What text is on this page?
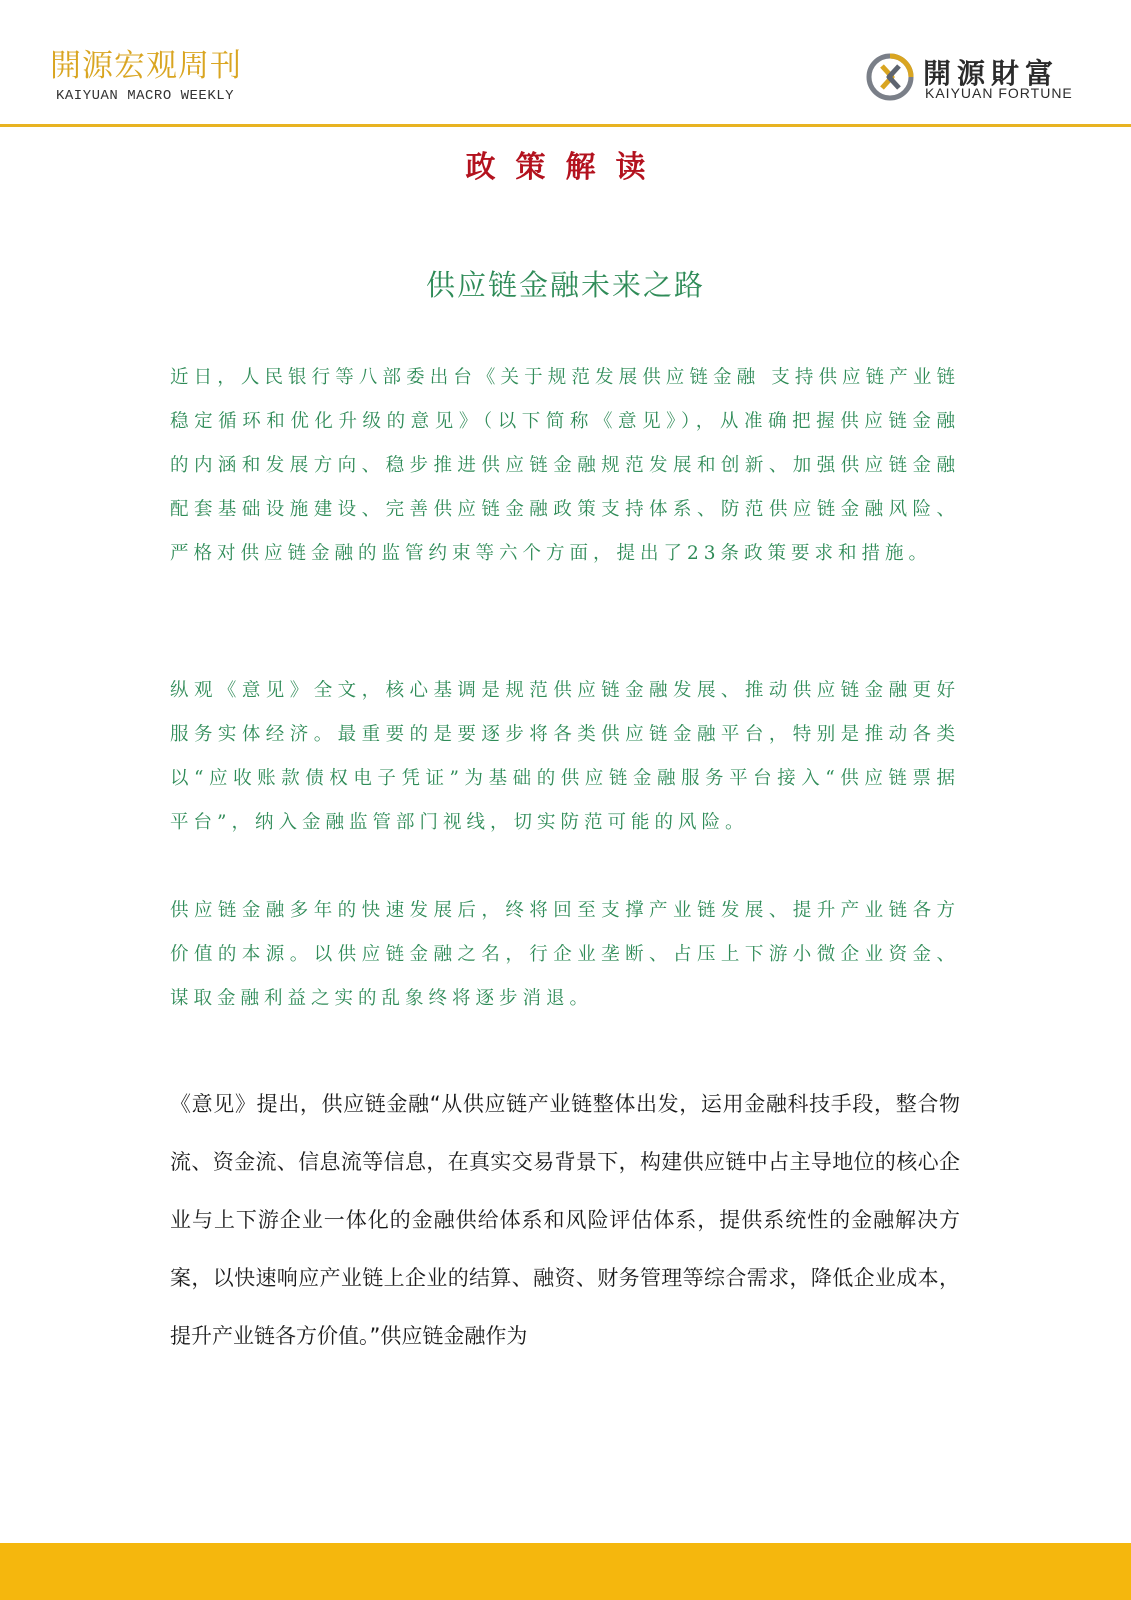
開源宏观周刊
KAIYUAN MACRO WEEKLY
開源財富
KAIYUAN FORTUNE
政策解读
供应链金融未来之路

近日，人民银行等八部委出台《关于规范发展供应链金融 支持供应链产业链稳定循环和优化升级的意见》（以下简称《意见》），从准确把握供应链金融的内涵和发展方向、稳步推进供应链金融规范发展和创新、加强供应链金融配套基础设施建设、完善供应链金融政策支持体系、防范供应链金融风险、严格对供应链金融的监管约束等六个方面，提出了23条政策要求和措施。

纵观《意见》全文，核心基调是规范供应链金融发展、推动供应链金融更好服务实体经济。最重要的是要逐步将各类供应链金融平台，特别是推动各类以“应收账款债权电子凭证”为基础的供应链金融服务平台接入“供应链票据平台”，纳入金融监管部门视线，切实防范可能的风险。

供应链金融多年的快速发展后，终将回至支撑产业链发展、提升产业链各方价值的本源。以供应链金融之名，行企业垄断、占压上下游小微企业资金、谋取金融利益之实的乱象终将逐步消退。

《意见》提出，供应链金融“从供应链产业链整体出发，运用金融科技手段，整合物流、资金流、信息流等信息，在真实交易背景下，构建供应链中占主导地位的核心企业与上下游企业一体化的金融供给体系和风险评估体系，提供系统性的金融解决方案，以快速响应产业链上企业的结算、融资、财务管理等综合需求，降低企业成本，提升产业链各方价值。”供应链金融作为
